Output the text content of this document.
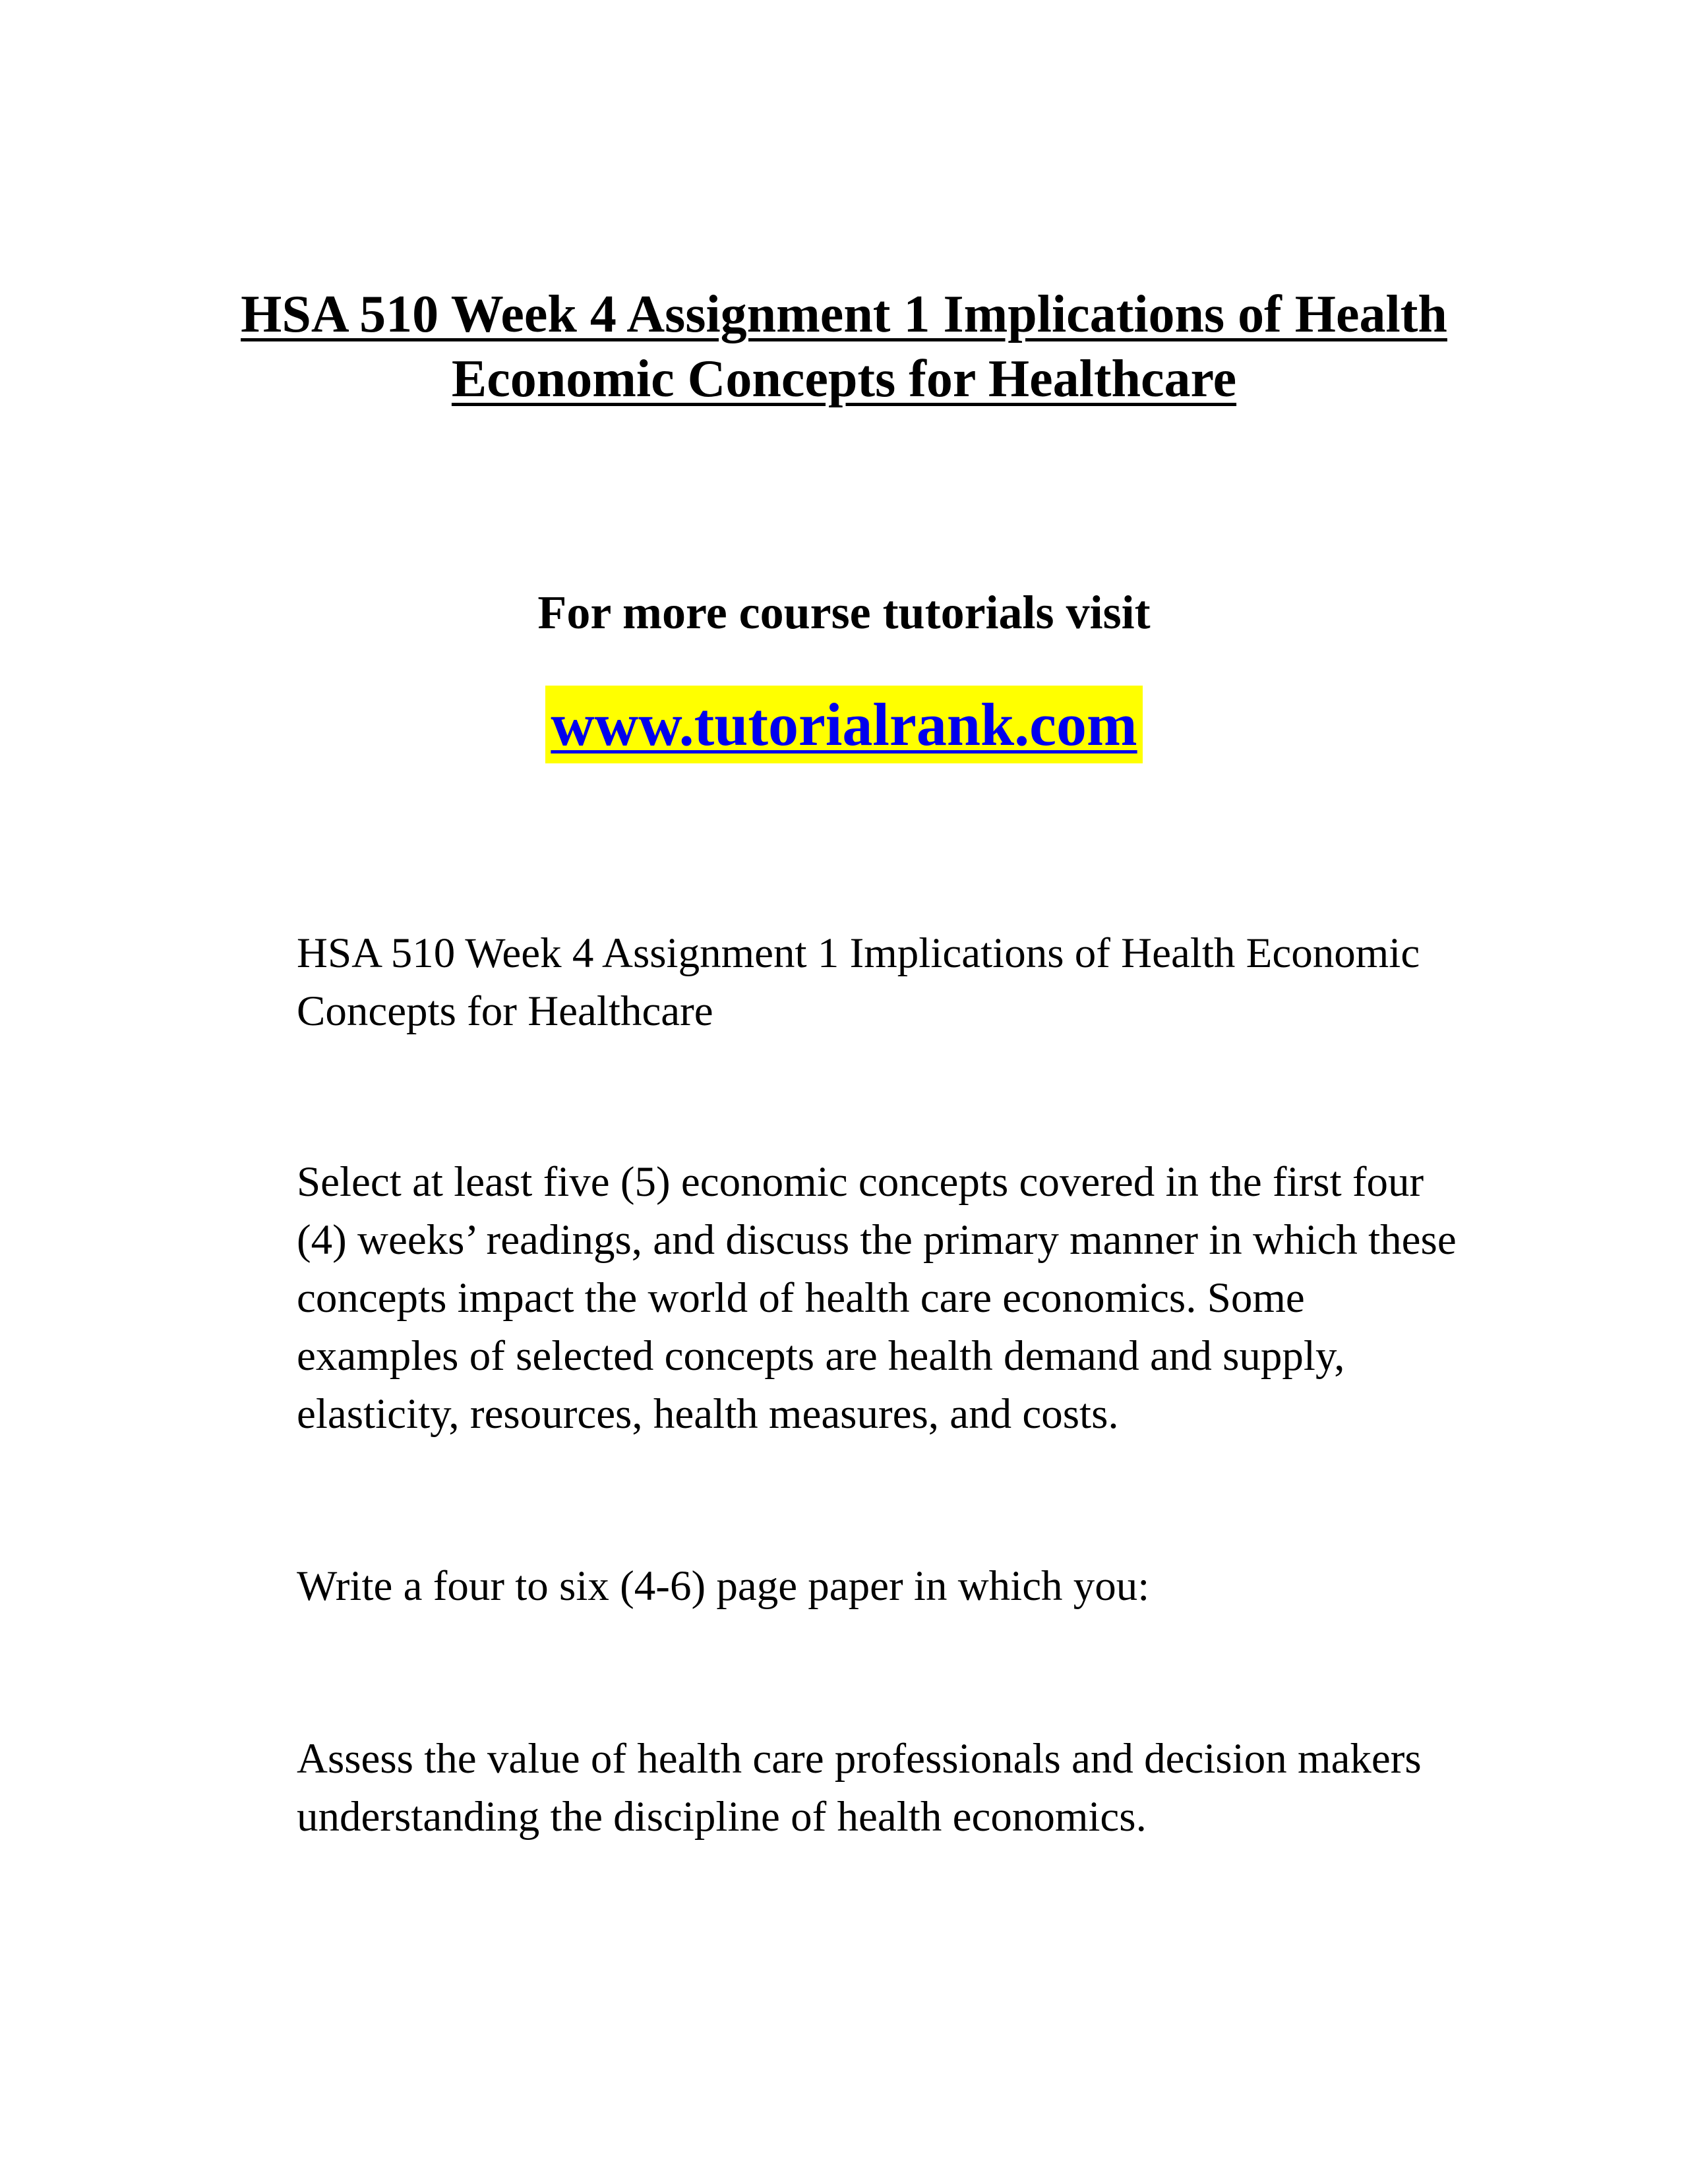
HSA 510 Week 4 Assignment 1 Implications of Health Economic Concepts for Healthcare

For more course tutorials visit

www.tutorialrank.com

HSA 510 Week 4 Assignment 1 Implications of Health Economic Concepts for Healthcare

Select at least five (5) economic concepts covered in the first four (4) weeks’ readings, and discuss the primary manner in which these concepts impact the world of health care economics. Some examples of selected concepts are health demand and supply, elasticity, resources, health measures, and costs.

Write a four to six (4-6) page paper in which you:

Assess the value of health care professionals and decision makers understanding the discipline of health economics.
